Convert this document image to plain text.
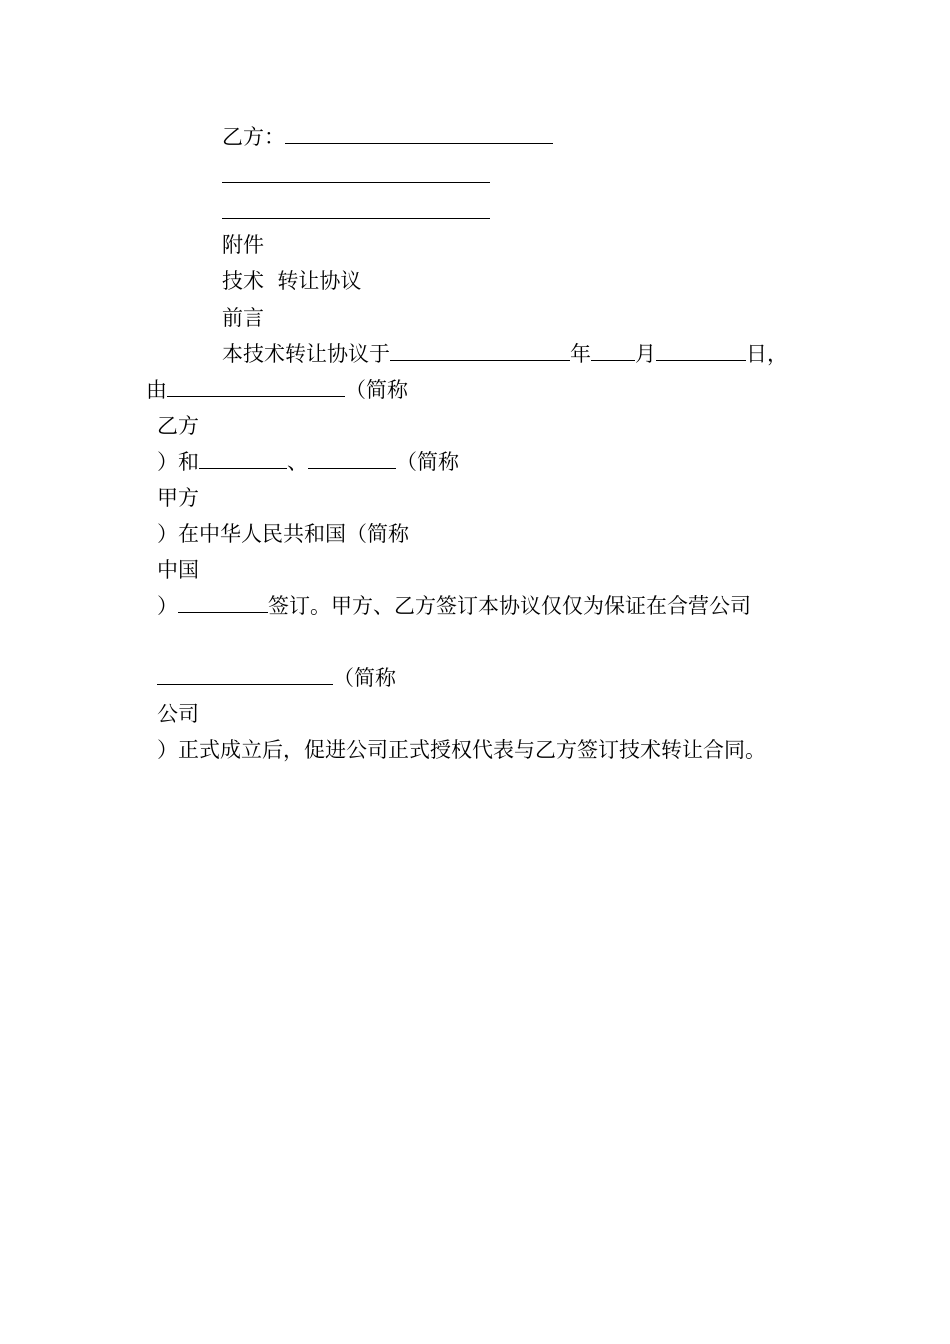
乙方：
附件
技术  转让协议
前言
本技术转让协议于	年 月	日，
由	（简称
乙方
）和	、	（简称
甲方
）在中华人民共和国（简称
中国
）	签订。甲方、乙方签订本协议仅仅为保证在合营公司
（简称
公司
）正式成立后，促进公司正式授权代表与乙方签订技术转让合同。
